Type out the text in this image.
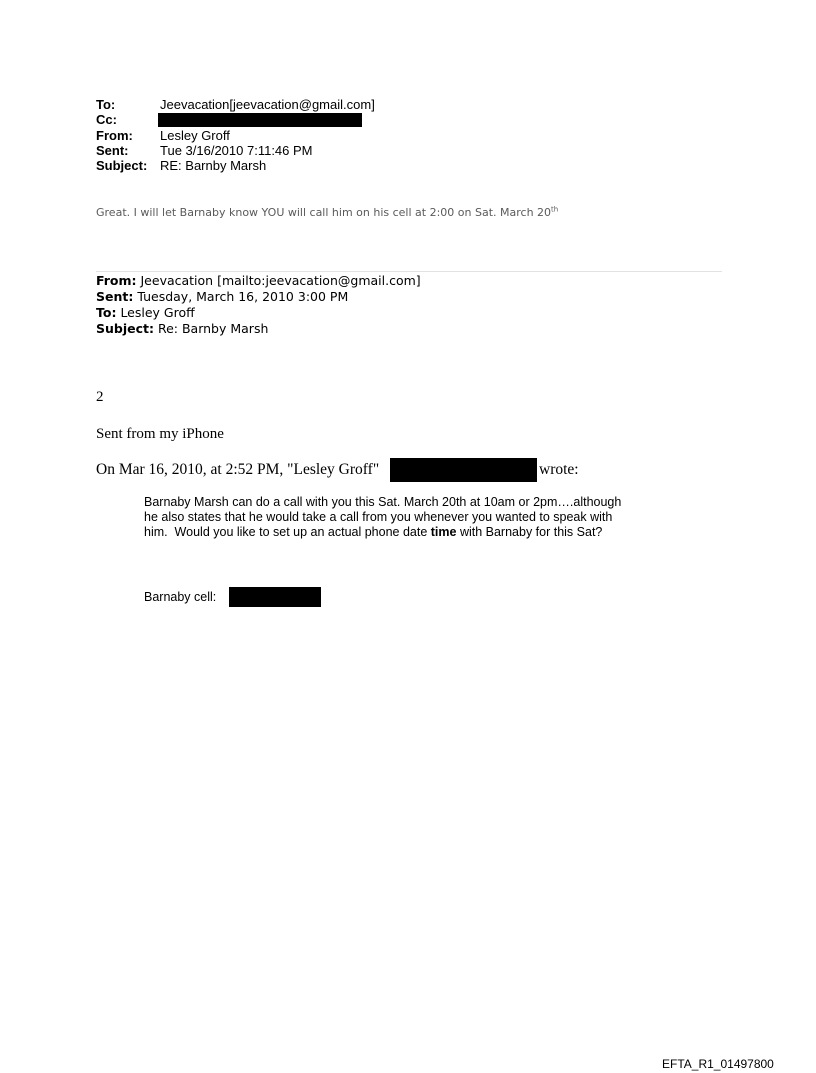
To:	Jeevacation[jeevacation@gmail.com]
Cc:
From: Lesley Groff
Sent: Tue 3/16/2010 7:11:46 PM
Subject: RE: Barnby Marsh
Great. I will let Barnaby know YOU will call him on his cell at 2:00 on Sat. March 20th
From: Jeevacation [mailto:jeevacation@gmail.com]
Sent: Tuesday, March 16, 2010 3:00 PM
To: Lesley Groff
Subject: Re: Barnby Marsh
2
Sent from my iPhone
On Mar 16, 2010, at 2:52 PM, "Lesley Groff"	wrote:
Barnaby Marsh can do a call with you this Sat. March 20th at 10am or 2pm….although
he also states that he would take a call from you whenever you wanted to speak with
him.  Would you like to set up an actual phone date time with Barnaby for this Sat?
Barnaby cell:
EFTA_R1_01497800
